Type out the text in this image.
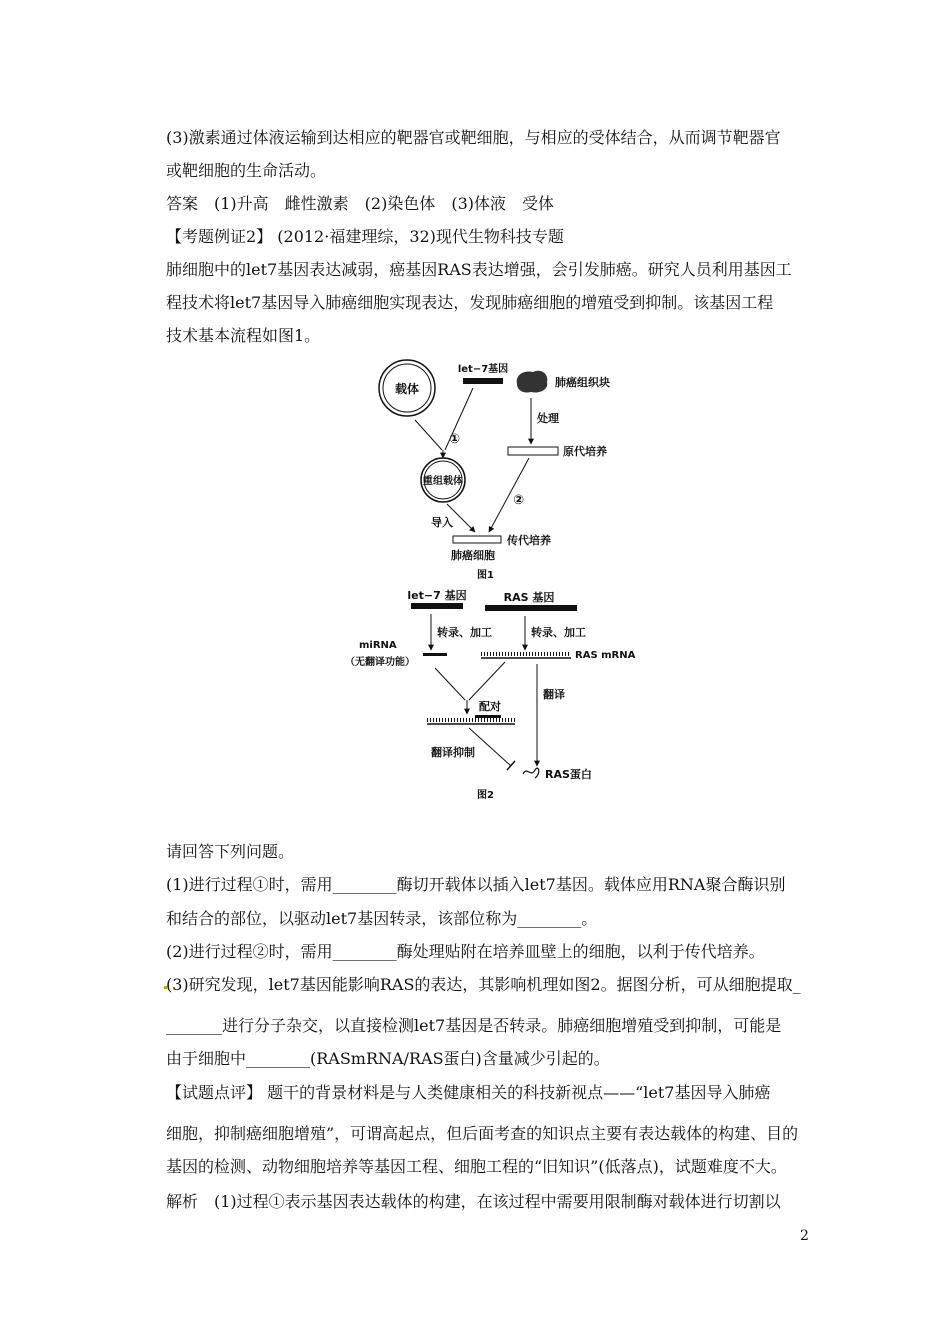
(3)激素通过体液运输到达相应的靶器官或靶细胞，与相应的受体结合，从而调节靶器官
或靶细胞的生命活动。
答案　(1)升高　雌性激素　(2)染色体　(3)体液　受体
【考题例证2】 (2012·福建理综，32)现代生物科技专题
肺细胞中的let7基因表达减弱，癌基因RAS表达增强，会引发肺癌。研究人员利用基因工
程技术将let7基因导入肺癌细胞实现表达，发现肺癌细胞的增殖受到抑制。该基因工程
技术基本流程如图1。
载体
let−7基因
肺癌组织块
①
处理
原代培养
重组载体
②
导入
传代培养
肺癌细胞
图1
let−7 基因	RAS 基因
转录、加工	转录、加工
miRNA
（无翻译功能）
RAS mRNA
配对
翻译
翻译抑制
RAS蛋白
图2
请回答下列问题。
(1)进行过程①时，需用________酶切开载体以插入let7基因。载体应用RNA聚合酶识别
和结合的部位，以驱动let7基因转录，该部位称为________。
(2)进行过程②时，需用________酶处理贴附在培养皿壁上的细胞，以利于传代培养。
(3)研究发现，let7基因能影响RAS的表达，其影响机理如图2。据图分析，可从细胞提取_
_______进行分子杂交，以直接检测let7基因是否转录。肺癌细胞增殖受到抑制，可能是
由于细胞中________(RASmRNA/RAS蛋白)含量减少引起的。
【试题点评】 题干的背景材料是与人类健康相关的科技新视点——“let7基因导入肺癌
细胞，抑制癌细胞增殖”，可谓高起点，但后面考查的知识点主要有表达载体的构建、目的
基因的检测、动物细胞培养等基因工程、细胞工程的“旧知识”(低落点)，试题难度不大。
解析　(1)过程①表示基因表达载体的构建，在该过程中需要用限制酶对载体进行切割以
2
